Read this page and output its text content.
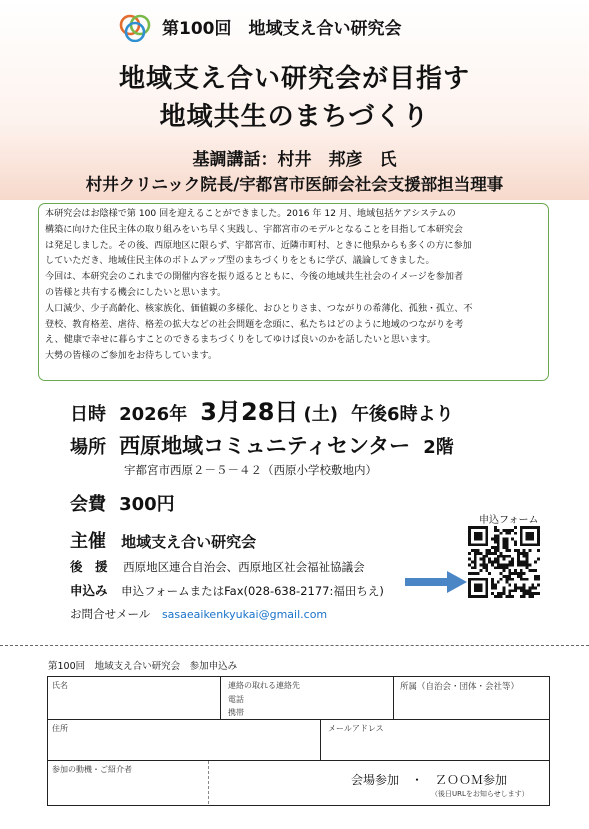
第100回　地域支え合い研究会
地域支え合い研究会が目指す
地域共生のまちづくり
基調講話：村井　邦彦　氏
村井クリニック院長/宇都宮市医師会社会支援部担当理事

本研究会はお陰様で第 100 回を迎えることができました。2016 年 12 月、地域包括ケアシステムの

構築に向けた住民主体の取り組みをいち早く実践し、宇都宮市のモデルとなることを目指して本研究会

は発足しました。その後、西原地区に限らず、宇都宮市、近隣市町村、ときに他県からも多くの方に参加

していただき、地域住民主体のボトムアップ型のまちづくりをともに学び、議論してきました。

今回は、本研究会のこれまでの開催内容を振り返るとともに、今後の地域共生社会のイメージを参加者

の皆様と共有する機会にしたいと思います。

人口減少、少子高齢化、核家族化、価値観の多様化、おひとりさま、つながりの希薄化、孤独・孤立、不

登校、教育格差、虐待、格差の拡大などの社会問題を念頭に、私たちはどのように地域のつながりを考

え、健康で幸せに暮らすことのできるまちづくりをしてゆけば良いのかを話したいと思います。

大勢の皆様のご参加をお待ちしています。

日時 2026年 3月28日 (土) 午後6時より
場所 西原地域コミュニティセンター 2階
宇都宮市西原２－５－４２（西原小学校敷地内）
会費 300円
主催 地域支え合い研究会
後　援 西原地区連合自治会、西原地区社会福祉協議会
申込み 申込フォームまたはFax(028-638-2177:福田ちえ)
お問合せメール sasaeaikenkyukai@gmail.com
申込フォーム
第100回　地域支え合い研究会　参加申込み
氏名	連絡の取れる連絡先
電話
携帯
所属（自治会・団体・会社等）
住所	メールアドレス
参加の動機・ご紹介者
会場参加　・　ＺＯＯＭ参加
（後日URLをお知らせします）
